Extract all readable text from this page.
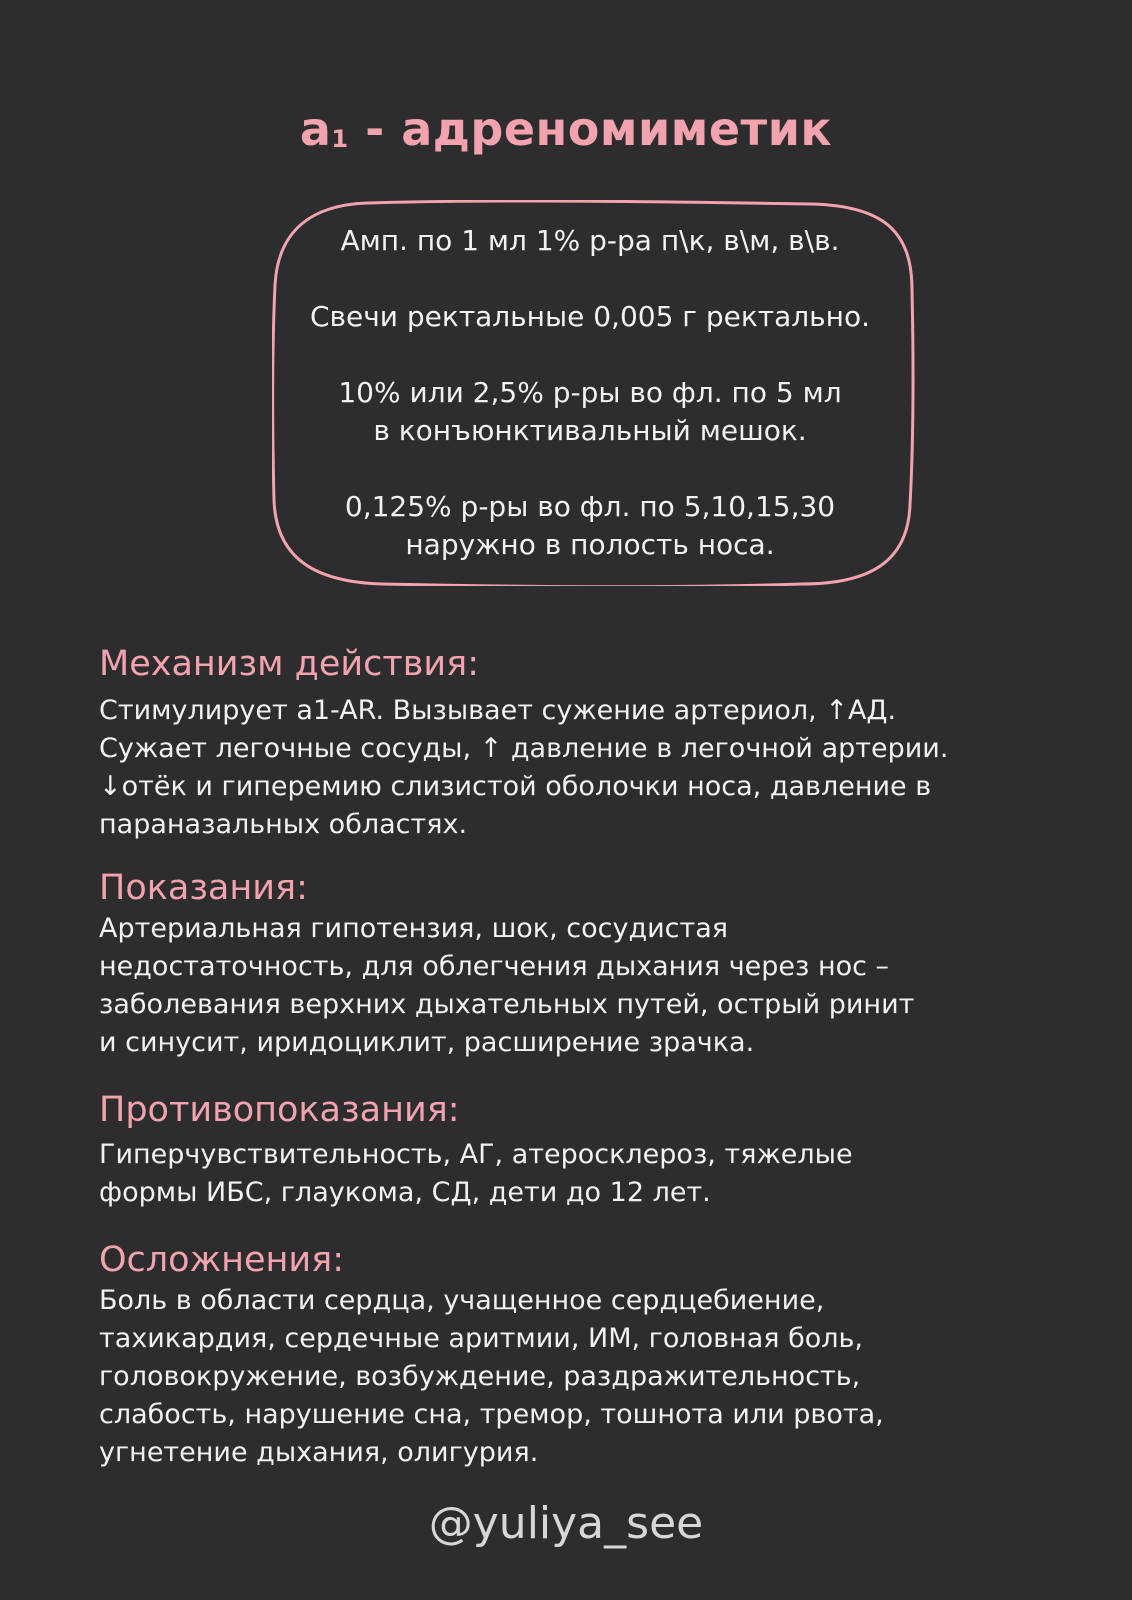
a1 - адреномиметик
Амп. по 1 мл 1% р-ра п\к, в\м, в\в.
Свечи ректальные 0,005 г ректально.
10% или 2,5% р-ры во фл. по 5 мл
в конъюнктивальный мешок.
0,125% р-ры во фл. по 5,10,15,30
наружно в полость носа.
Механизм действия:
Стимулирует a1-AR. Вызывает сужение артериол, ↑АД.
Сужает легочные сосуды, ↑ давление в легочной артерии.
↓отёк и гиперемию слизистой оболочки носа, давление в
параназальных областях.
Показания:
Артериальная гипотензия, шок, сосудистая
недостаточность, для облегчения дыхания через нос –
заболевания верхних дыхательных путей, острый ринит
и синусит, иридоциклит, расширение зрачка.
Противопоказания:
Гиперчувствительность, АГ, атеросклероз, тяжелые
формы ИБС, глаукома, СД, дети до 12 лет.
Осложнения:
Боль в области сердца, учащенное сердцебиение,
тахикардия, сердечные аритмии, ИМ, головная боль,
головокружение, возбуждение, раздражительность,
слабость, нарушение сна, тремор, тошнота или рвота,
угнетение дыхания, олигурия.
@yuliya_see
